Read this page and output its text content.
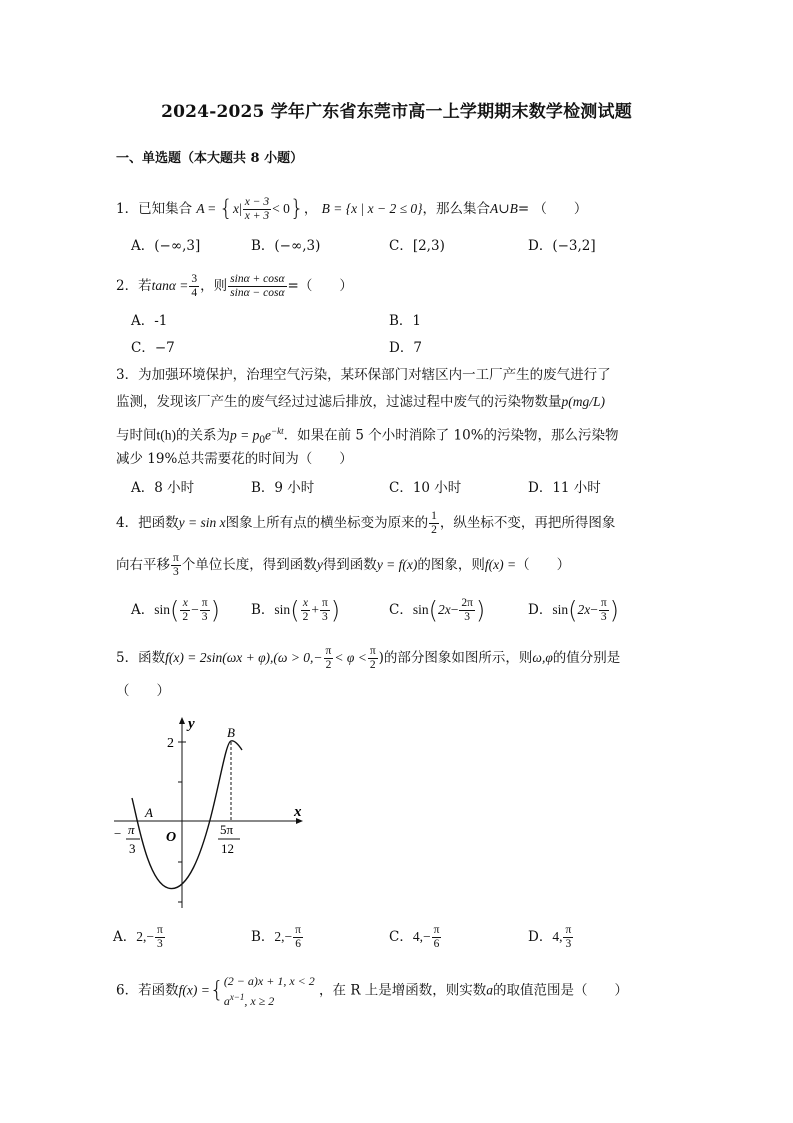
2024-2025 学年广东省东莞市高一上学期期末数学检测试题
一、单选题（本大题共 8 小题）
1．已知集合 $A = \{x| \frac{x - 3}{x + 3} < 0\}$， B = {x | x − 2 ≤ 0}，那么集合A∪B= （　　）
A．(−∞,3]	B．(−∞,3)	C．[2,3)	D．(−3,2]
2．若$\tan\alpha = \frac{3}{4}$ ，则 $\frac{\sin\alpha + \cos\alpha}{\sin\alpha - \cos\alpha}$ =（　　）
A．-1	B．1
C．−7	D．7
3．为加强环境保护，治理空气污染，某环保部门对辖区内一工厂产生的废气进行了
监测，发现该厂产生的废气经过过滤后排放，过滤过程中废气的污染物数量p(mg/L)
与时间t(h)的关系为$p = p_0e^{-kt}$．如果在前 5 个小时消除了 10%的污染物，那么污染物
减少 19%总共需要花的时间为（　　）
A．8 小时	B．9 小时	C．10 小时	D．11 小时
4．把函数y = sin x图象上所有点的横坐标变为原来的 $\frac{1}{2}$ ，纵坐标不变，再把所得图象
向右平移 $\frac{\pi}{3}$ 个单位长度，得到函数y得到函数y = f(x)的图象，则f(x) =（　　）
A．$\sin( \frac{x}{2} - \frac{\pi}{3}$ ) B．$\sin( \frac{x}{2} + \frac{\pi}{3}$ )	C．$\sin(2x- \frac{2\pi}{3}$ )	D．$\sin(2x- \frac{\pi}{3}$ )
5．函数$f(x) = 2\sin(\omega x + \varphi),(\omega > 0,- \frac{\pi}{2} < \varphi < \frac{\pi}{2}$ )的部分图象如图所示，则ω,φ的值分别是
（　　）
y
x
O
2
A
B
− π
3
5π
12
A．$2,- \frac{\pi}{3}$	B．$2,- \frac{\pi}{6}$	C．$4,- \frac{\pi}{6}$	D．4, $\frac{\pi}{3}$
6．若函数f(x) ={ (2 − a)x + 1, x < 2
$a^{x-1}$, x ≥ 2
，在 R 上是增函数，则实数a的取值范围是（　　）
